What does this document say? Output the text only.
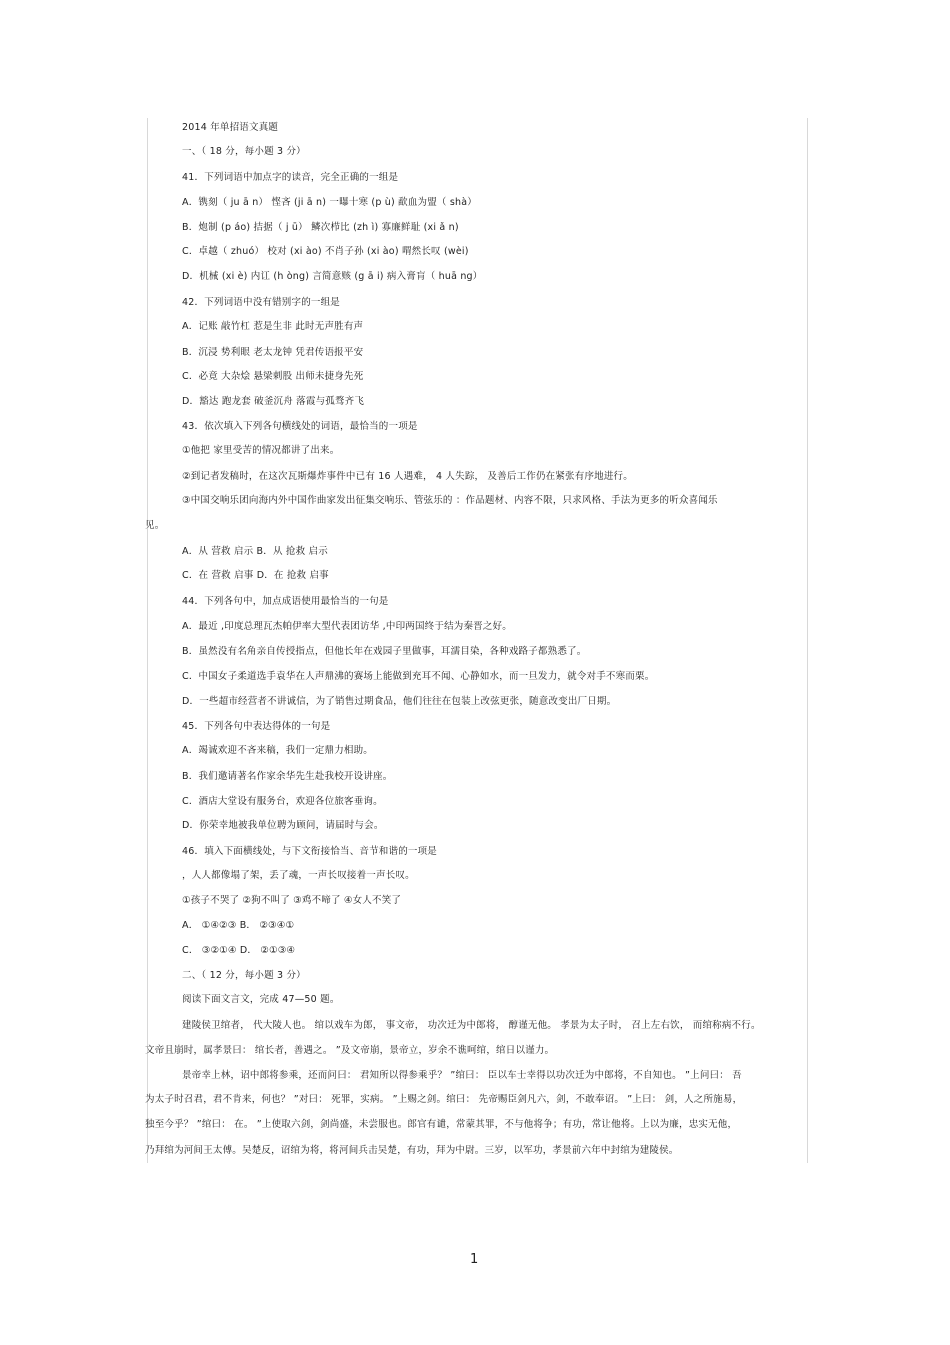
2014 年单招语文真题
一、（ 18 分，每小题 3 分）
41．下列词语中加点字的读音，完全正确的一组是
A．镌刻（ ju ā n） 悭吝 (ji ā n) 一曝十寒 (p ù) 歃血为盟（ shà）
B．炮制 (p áo) 拮据（ j ū） 鳞次栉比 (zh ì) 寡廉鲜耻 (xi ǎ n)
C．卓越（ zhuó） 校对 (xi ào) 不肖子孙 (xi ào) 喟然长叹 (wèi)
D．机械 (xi è) 内讧 (h òng) 言简意赅 (g ā i) 病入膏肓（ huā ng）
42．下列词语中没有错别字的一组是
A．记账 敲竹杠 惹是生非 此时无声胜有声
B．沉浸 势利眼 老太龙钟 凭君传语报平安
C．必竟 大杂烩 悬梁刺股 出师未捷身先死
D．豁达 跑龙套 破釜沉舟 落霞与孤骛齐飞
43．依次填入下列各句横线处的词语，最恰当的一项是
①他把 家里受苦的情况都讲了出来。
②到记者发稿时，在这次瓦斯爆炸事件中已有 16 人遇难， 4 人失踪， 及善后工作仍在紧张有序地进行。
③中国交响乐团向海内外中国作曲家发出征集交响乐、管弦乐的 ：作品题材、内容不限，只求风格、手法为更多的听众喜闻乐
见。
A．从 营救 启示 B．从 抢救 启示
C．在 营救 启事 D．在 抢救 启事
44．下列各句中，加点成语使用最恰当的一句是
A．最近 ,印度总理瓦杰帕伊率大型代表团访华 ,中印两国终于结为秦晋之好。
B．虽然没有名角亲自传授指点，但他长年在戏园子里做事，耳濡目染，各种戏路子都熟悉了。
C．中国女子柔道选手袁华在人声鼎沸的赛场上能做到充耳不闻、心静如水，而一旦发力，就令对手不寒而栗。
D．一些超市经营者不讲诚信，为了销售过期食品，他们往往在包装上改弦更张，随意改变出厂日期。
45．下列各句中表达得体的一句是
A．竭诚欢迎不吝来稿，我们一定鼎力相助。
B．我们邀请著名作家余华先生赴我校开设讲座。
C．酒店大堂设有服务台，欢迎各位旅客垂询。
D．你荣幸地被我单位聘为顾问，请届时与会。
46．填入下面横线处，与下文衔接恰当、音节和谐的一项是
，人人都像塌了架，丢了魂，一声长叹接着一声长叹。
①孩子不哭了 ②狗不叫了 ③鸡不啼了 ④女人不笑了
A． ①④②③ B． ②③④①
C． ③②①④ D． ②①③④
二、（ 12 分，每小题 3 分）
阅读下面文言文，完成 47—50 题。
建陵侯卫绾者， 代大陵人也。 绾以戏车为郎， 事文帝， 功次迁为中郎将， 醇谨无他。 孝景为太子时， 召上左右饮， 而绾称病不行。
文帝且崩时，属孝景曰： 绾长者，善遇之。 ”及文帝崩，景帝立，岁余不谯呵绾，绾日以谨力。
景帝幸上林，诏中郎将参乘，还而问曰： 君知所以得参乘乎？ ”绾曰： 臣以车士幸得以功次迁为中郎将，不自知也。 ”上问曰： 吾
为太子时召君，君不肯来，何也？ ”对曰： 死罪，实病。 ”上赐之剑。绾曰： 先帝赐臣剑凡六，剑，不敢奉诏。 ”上曰： 剑，人之所施易，
独至今乎？ ”绾曰： 在。 ”上使取六剑，剑尚盛，未尝服也。郎官有谴，常蒙其罪，不与他将争；有功，常让他将。上以为廉，忠实无他，
乃拜绾为河间王太傅。吴楚反，诏绾为将，将河间兵击吴楚，有功，拜为中尉。三岁，以军功，孝景前六年中封绾为建陵侯。
1
